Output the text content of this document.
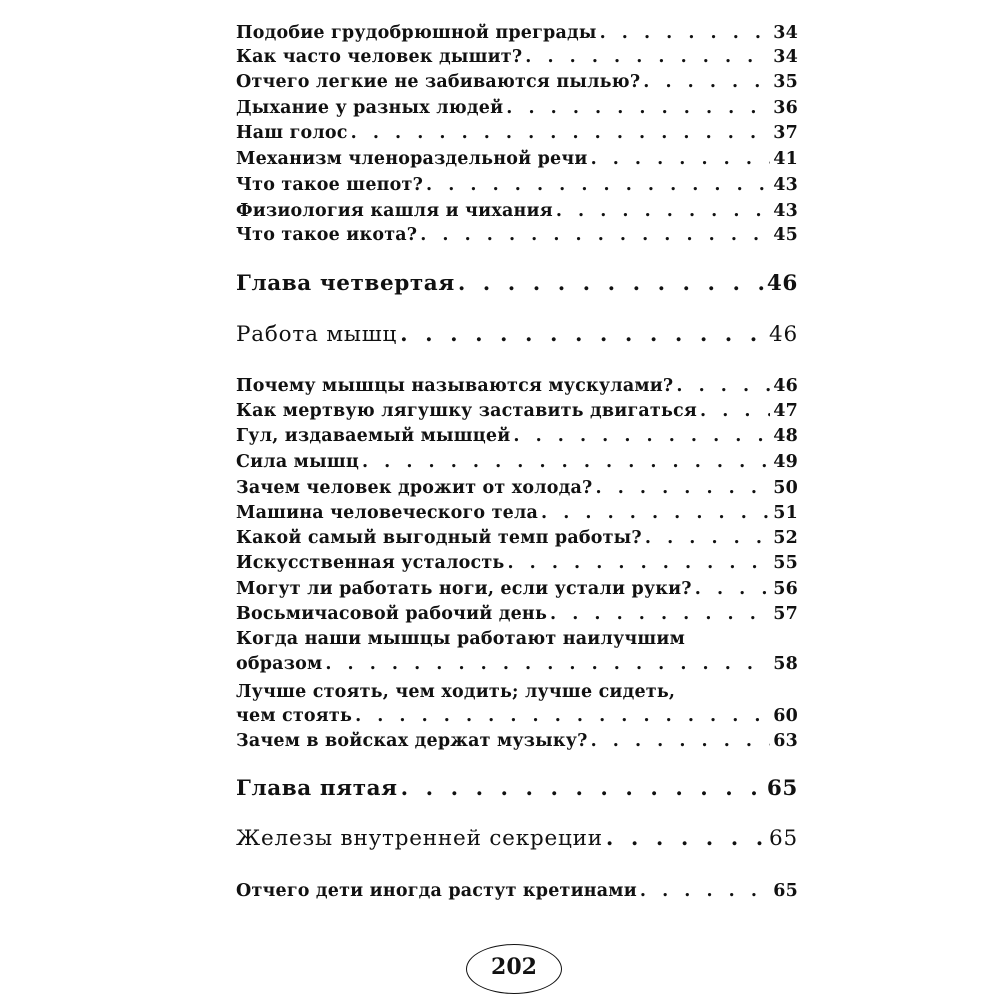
Подобие грудобрюшной преграды . . .	34
Как часто человек дышит? . . .	34
Отчего легкие не забиваются пылью? . . .	35
Дыхание у разных людей . . .	36
Наш голос . . .	37
Механизм членораздельной речи . . .	41
Что такое шепот? . . .	43
Физиология кашля и чихания . . .	43
Что такое икота? . . .	45
Глава четвертая . . .	46
Работа мышц . . .	46
Почему мышцы называются мускулами? . . .	46
Как мертвую лягушку заставить двигаться . . .	47
Гул, издаваемый мышцей . . .	48
Сила мышц . . .	49
Зачем человек дрожит от холода? . . .	50
Машина человеческого тела . . .	51
Какой самый выгодный темп работы? . . .	52
Искусственная усталость . . .	55
Могут ли работать ноги, если устали руки? . . .	56
Восьмичасовой рабочий день . . .	57
Когда наши мышцы работают наилучшим
образом . . .	58
Лучше стоять, чем ходить; лучше сидеть,
чем стоять . . .	60
Зачем в войсках держат музыку? . . .	63
Глава пятая . . .	65
Железы внутренней секреции . . .	65
Отчего дети иногда растут кретинами . . .	65
202
